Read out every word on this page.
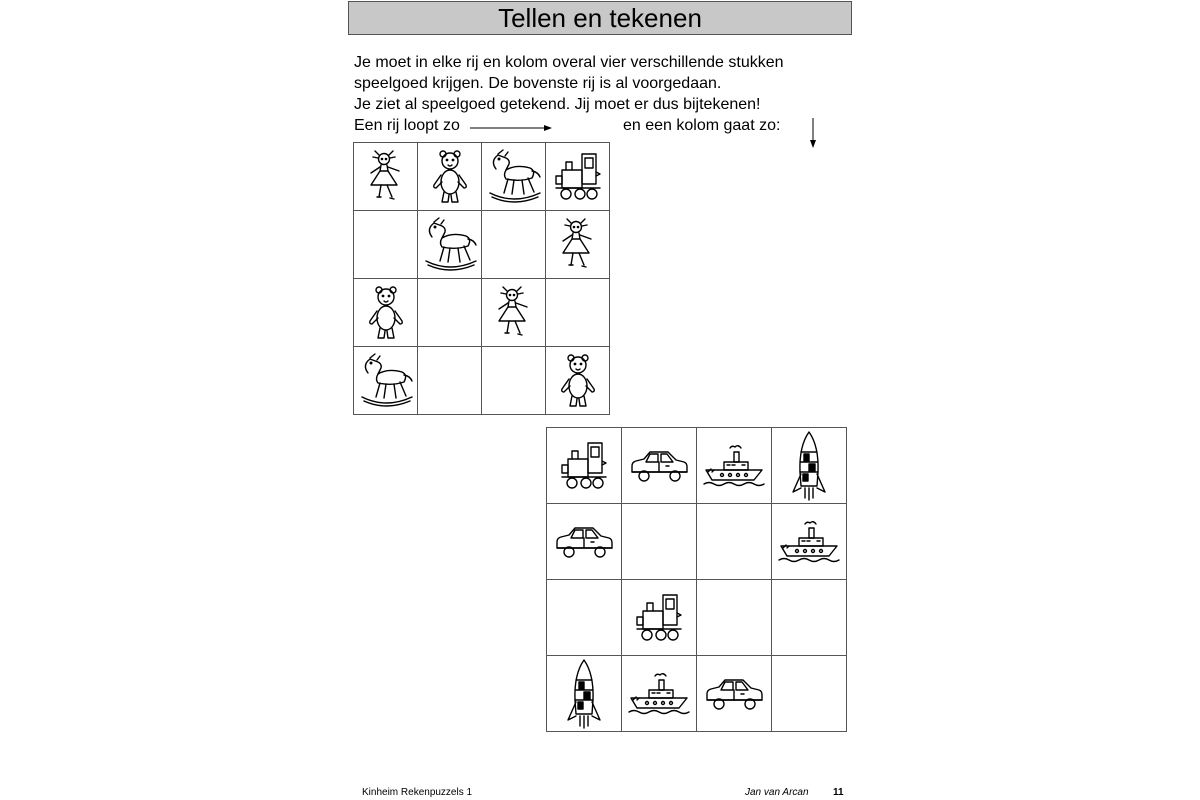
Tellen en tekenen
Je moet in elke rij en kolom overal vier verschillende stukken
speelgoed krijgen. De bovenste rij is al voorgedaan.
Je ziet al speelgoed getekend. Jij moet er dus bijtekenen!
Een rij loopt zo	en een kolom gaat zo:

Kinheim Rekenpuzzels 1	Jan van Arcan 11
